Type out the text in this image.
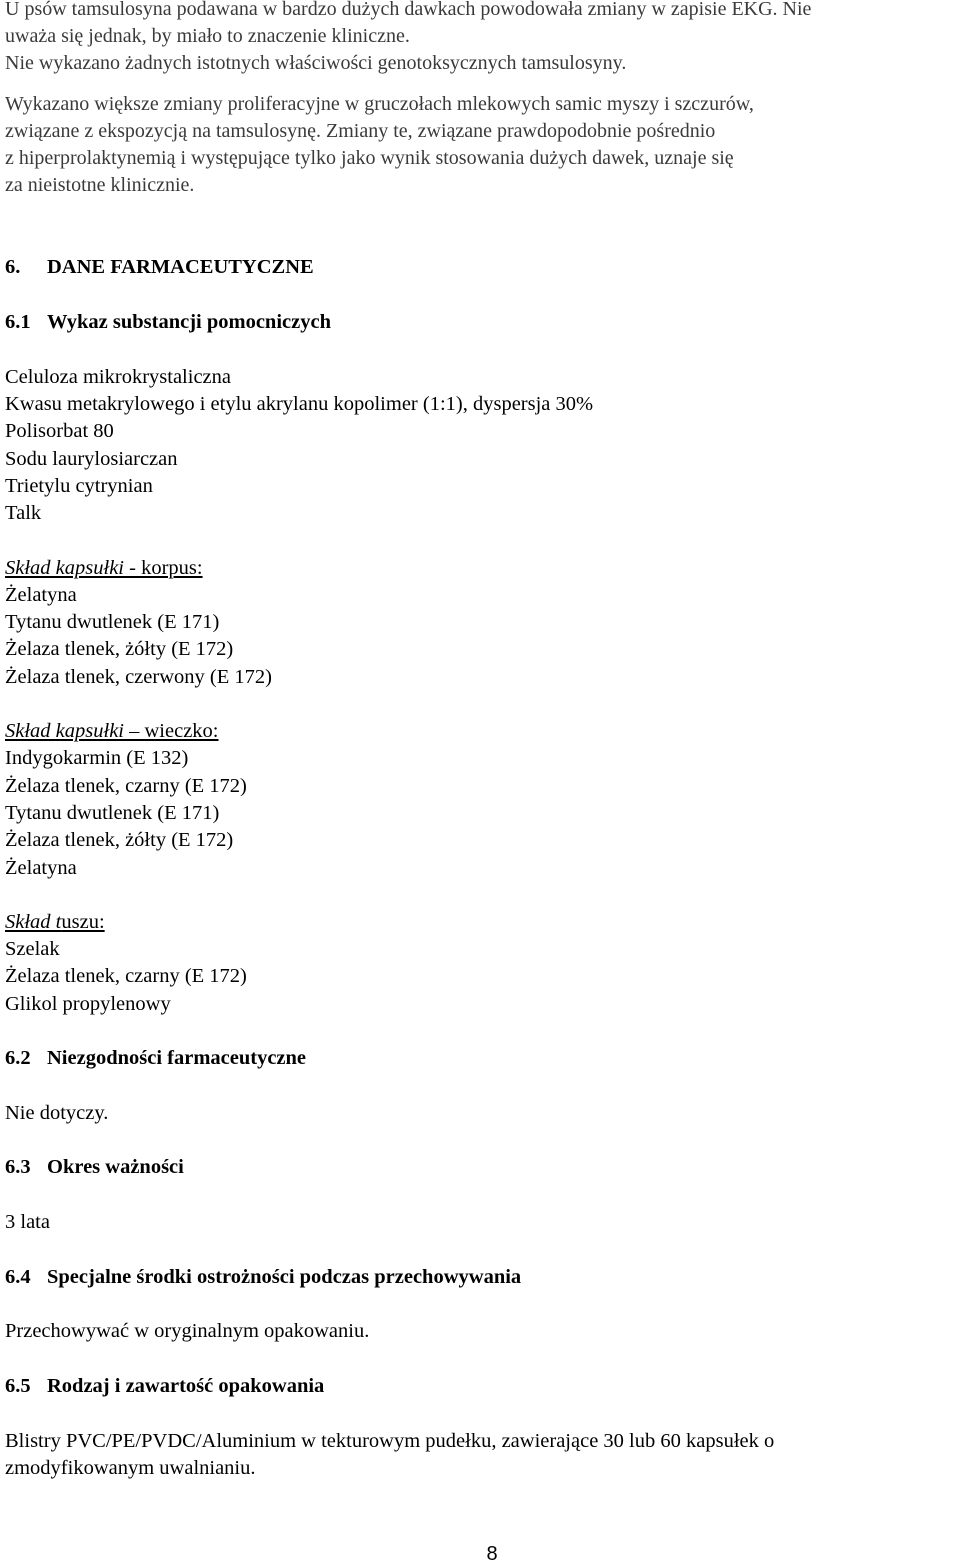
U psów tamsulosyna podawana w bardzo dużych dawkach powodowała zmiany w zapisie EKG. Nie
uważa się jednak, by miało to znaczenie kliniczne.
Nie wykazano żadnych istotnych właściwości genotoksycznych tamsulosyny.
Wykazano większe zmiany proliferacyjne w gruczołach mlekowych samic myszy i szczurów,
związane z ekspozycją na tamsulosynę. Zmiany te, związane prawdopodobnie pośrednio
z hiperprolaktynemią i występujące tylko jako wynik stosowania dużych dawek, uznaje się
za nieistotne klinicznie.
6. DANE FARMACEUTYCZNE
6.1 Wykaz substancji pomocniczych
Celuloza mikrokrystaliczna
Kwasu metakrylowego i etylu akrylanu kopolimer (1:1), dyspersja 30%
Polisorbat 80
Sodu laurylosiarczan
Trietylu cytrynian
Talk
Skład kapsułki - korpus:
Żelatyna
Tytanu dwutlenek (E 171)
Żelaza tlenek, żółty (E 172)
Żelaza tlenek, czerwony (E 172)
Skład kapsułki – wieczko:
Indygokarmin (E 132)
Żelaza tlenek, czarny (E 172)
Tytanu dwutlenek (E 171)
Żelaza tlenek, żółty (E 172)
Żelatyna
Skład tuszu:
Szelak
Żelaza tlenek, czarny (E 172)
Glikol propylenowy
6.2 Niezgodności farmaceutyczne
Nie dotyczy.
6.3 Okres ważności
3 lata
6.4 Specjalne środki ostrożności podczas przechowywania
Przechowywać w oryginalnym opakowaniu.
6.5 Rodzaj i zawartość opakowania
Blistry PVC/PE/PVDC/Aluminium w tekturowym pudełku, zawierające 30 lub 60 kapsułek o
zmodyfikowanym uwalnianiu.
8
